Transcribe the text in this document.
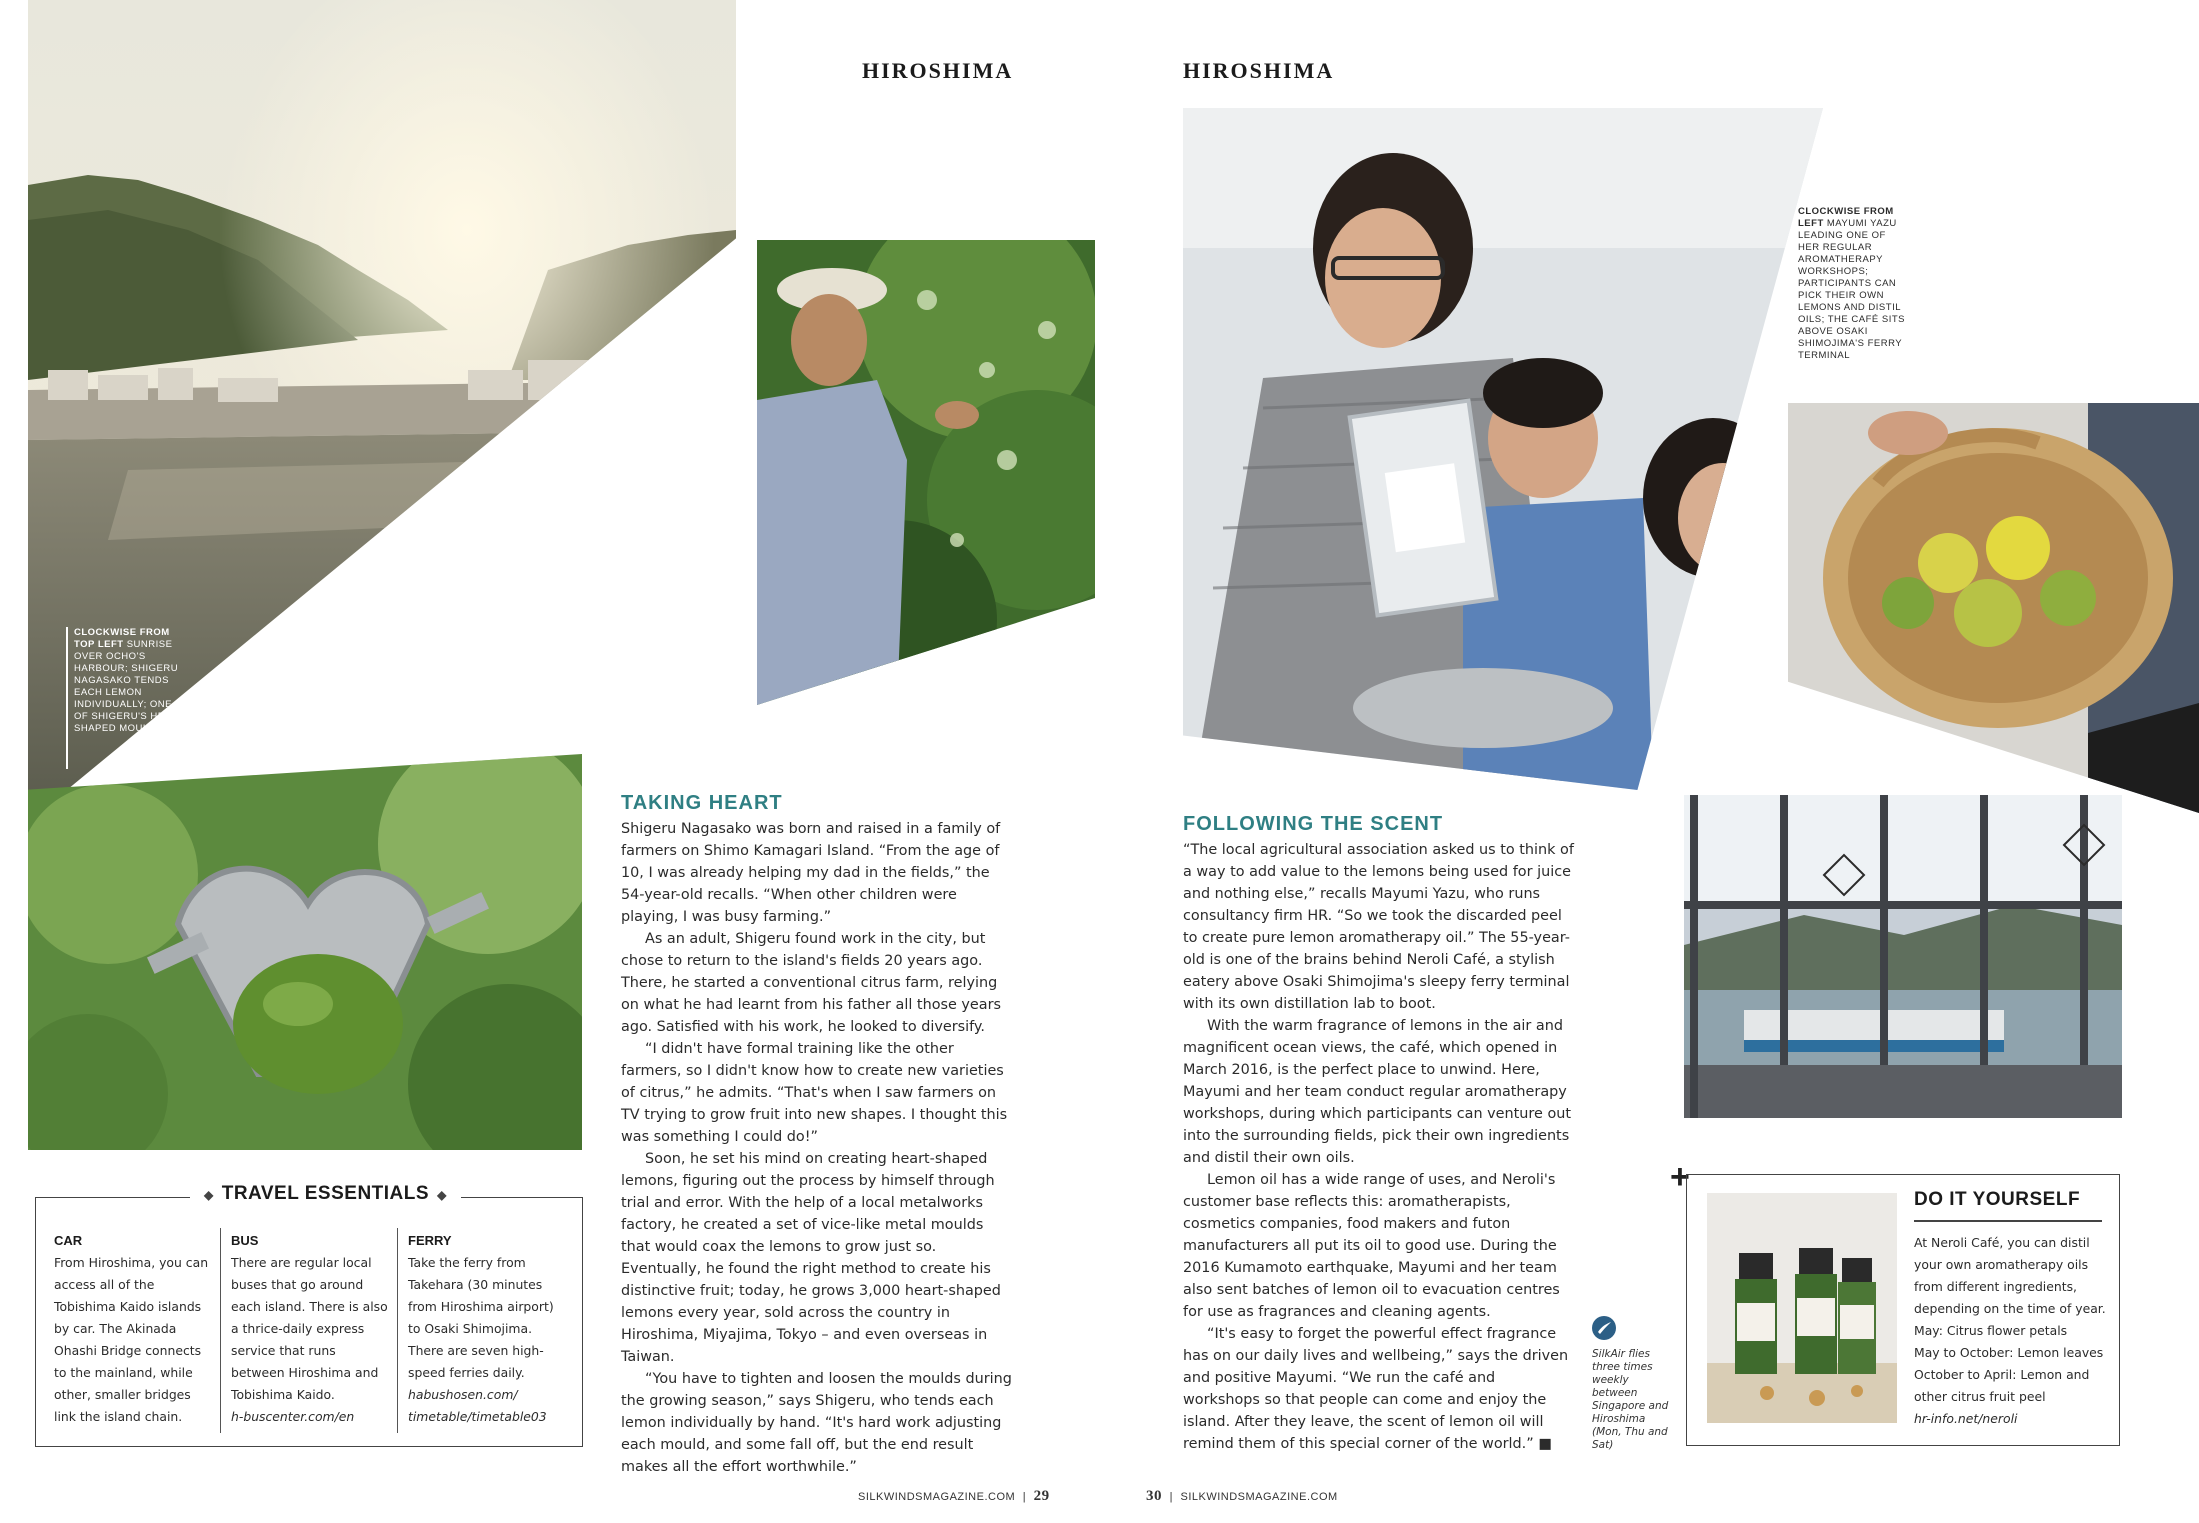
CLOCKWISE FROM TOP LEFT SUNRISE OVER OCHO'S HARBOUR; SHIGERU NAGASAKO TENDS EACH LEMON INDIVIDUALLY; ONE OF SHIGERU'S HEART-SHAPED MOULDS
HIROSHIMA
TAKING HEART

Shigeru Nagasako was born and raised in a family of farmers on Shimo Kamagari Island. “From the age of 10, I was already helping my dad in the fields,” the 54-year-old recalls. “When other children were playing, I was busy farming.”

As an adult, Shigeru found work in the city, but chose to return to the island's fields 20 years ago. There, he started a conventional citrus farm, relying on what he had learnt from his father all those years ago. Satisfied with his work, he looked to diversify.

“I didn't have formal training like the other farmers, so I didn't know how to create new varieties of citrus,” he admits. “That's when I saw farmers on TV trying to grow fruit into new shapes. I thought this was something I could do!”

Soon, he set his mind on creating heart-shaped lemons, figuring out the process by himself through trial and error. With the help of a local metalworks factory, he created a set of vice-like metal moulds that would coax the lemons to grow just so. Eventually, he found the right method to create his distinctive fruit; today, he grows 3,000 heart-shaped lemons every year, sold across the country in Hiroshima, Miyajima, Tokyo – and even overseas in Taiwan.

“You have to tighten and loosen the moulds during the growing season,” says Shigeru, who tends each lemon individually by hand. “It's hard work adjusting each mould, and some fall off, but the end result makes all the effort worthwhile.”

◆ TRAVEL ESSENTIALS ◆
CAR
From Hiroshima, you can access all of the Tobishima Kaido islands by car. The Akinada Ohashi Bridge connects to the mainland, while other, smaller bridges link the island chain.
BUS
There are regular local buses that go around each island. There is also a thrice-daily express service that runs between Hiroshima and Tobishima Kaido.
h-buscenter.com/en
FERRY
Take the ferry from Takehara (30 minutes from Hiroshima airport) to Osaki Shimojima. There are seven high-speed ferries daily.
habushosen.com/ timetable/timetable03
SILKWINDSMAGAZINE.COM | 29
HIROSHIMA
CLOCKWISE FROM LEFT MAYUMI YAZU LEADING ONE OF HER REGULAR AROMATHERAPY WORKSHOPS; PARTICIPANTS CAN PICK THEIR OWN LEMONS AND DISTIL OILS; THE CAFÉ SITS ABOVE OSAKI SHIMOJIMA'S FERRY TERMINAL
FOLLOWING THE SCENT

“The local agricultural association asked us to think of a way to add value to the lemons being used for juice and nothing else,” recalls Mayumi Yazu, who runs consultancy firm HR. “So we took the discarded peel to create pure lemon aromatherapy oil.” The 55-year-old is one of the brains behind Neroli Café, a stylish eatery above Osaki Shimojima's sleepy ferry terminal with its own distillation lab to boot.

With the warm fragrance of lemons in the air and magnificent ocean views, the café, which opened in March 2016, is the perfect place to unwind. Here, Mayumi and her team conduct regular aromatherapy workshops, during which participants can venture out into the surrounding fields, pick their own ingredients and distil their own oils.

Lemon oil has a wide range of uses, and Neroli's customer base reflects this: aromatherapists, cosmetics companies, food makers and futon manufacturers all put its oil to good use. During the 2016 Kumamoto earthquake, Mayumi and her team also sent batches of lemon oil to evacuation centres for use as fragrances and cleaning agents.

“It's easy to forget the powerful effect fragrance has on our daily lives and wellbeing,” says the driven and positive Mayumi. “We run the café and workshops so that people can come and enjoy the island. After they leave, the scent of lemon oil will remind them of this special corner of the world.” ■

SilkAir flies three times weekly between Singapore and Hiroshima (Mon, Thu and Sat)
+
DO IT YOURSELF
At Neroli Café, you can distil your own aromatherapy oils from different ingredients, depending on the time of year.
May: Citrus flower petals
May to October: Lemon leaves
October to April: Lemon and other citrus fruit peel
hr-info.net/neroli
30 | SILKWINDSMAGAZINE.COM
